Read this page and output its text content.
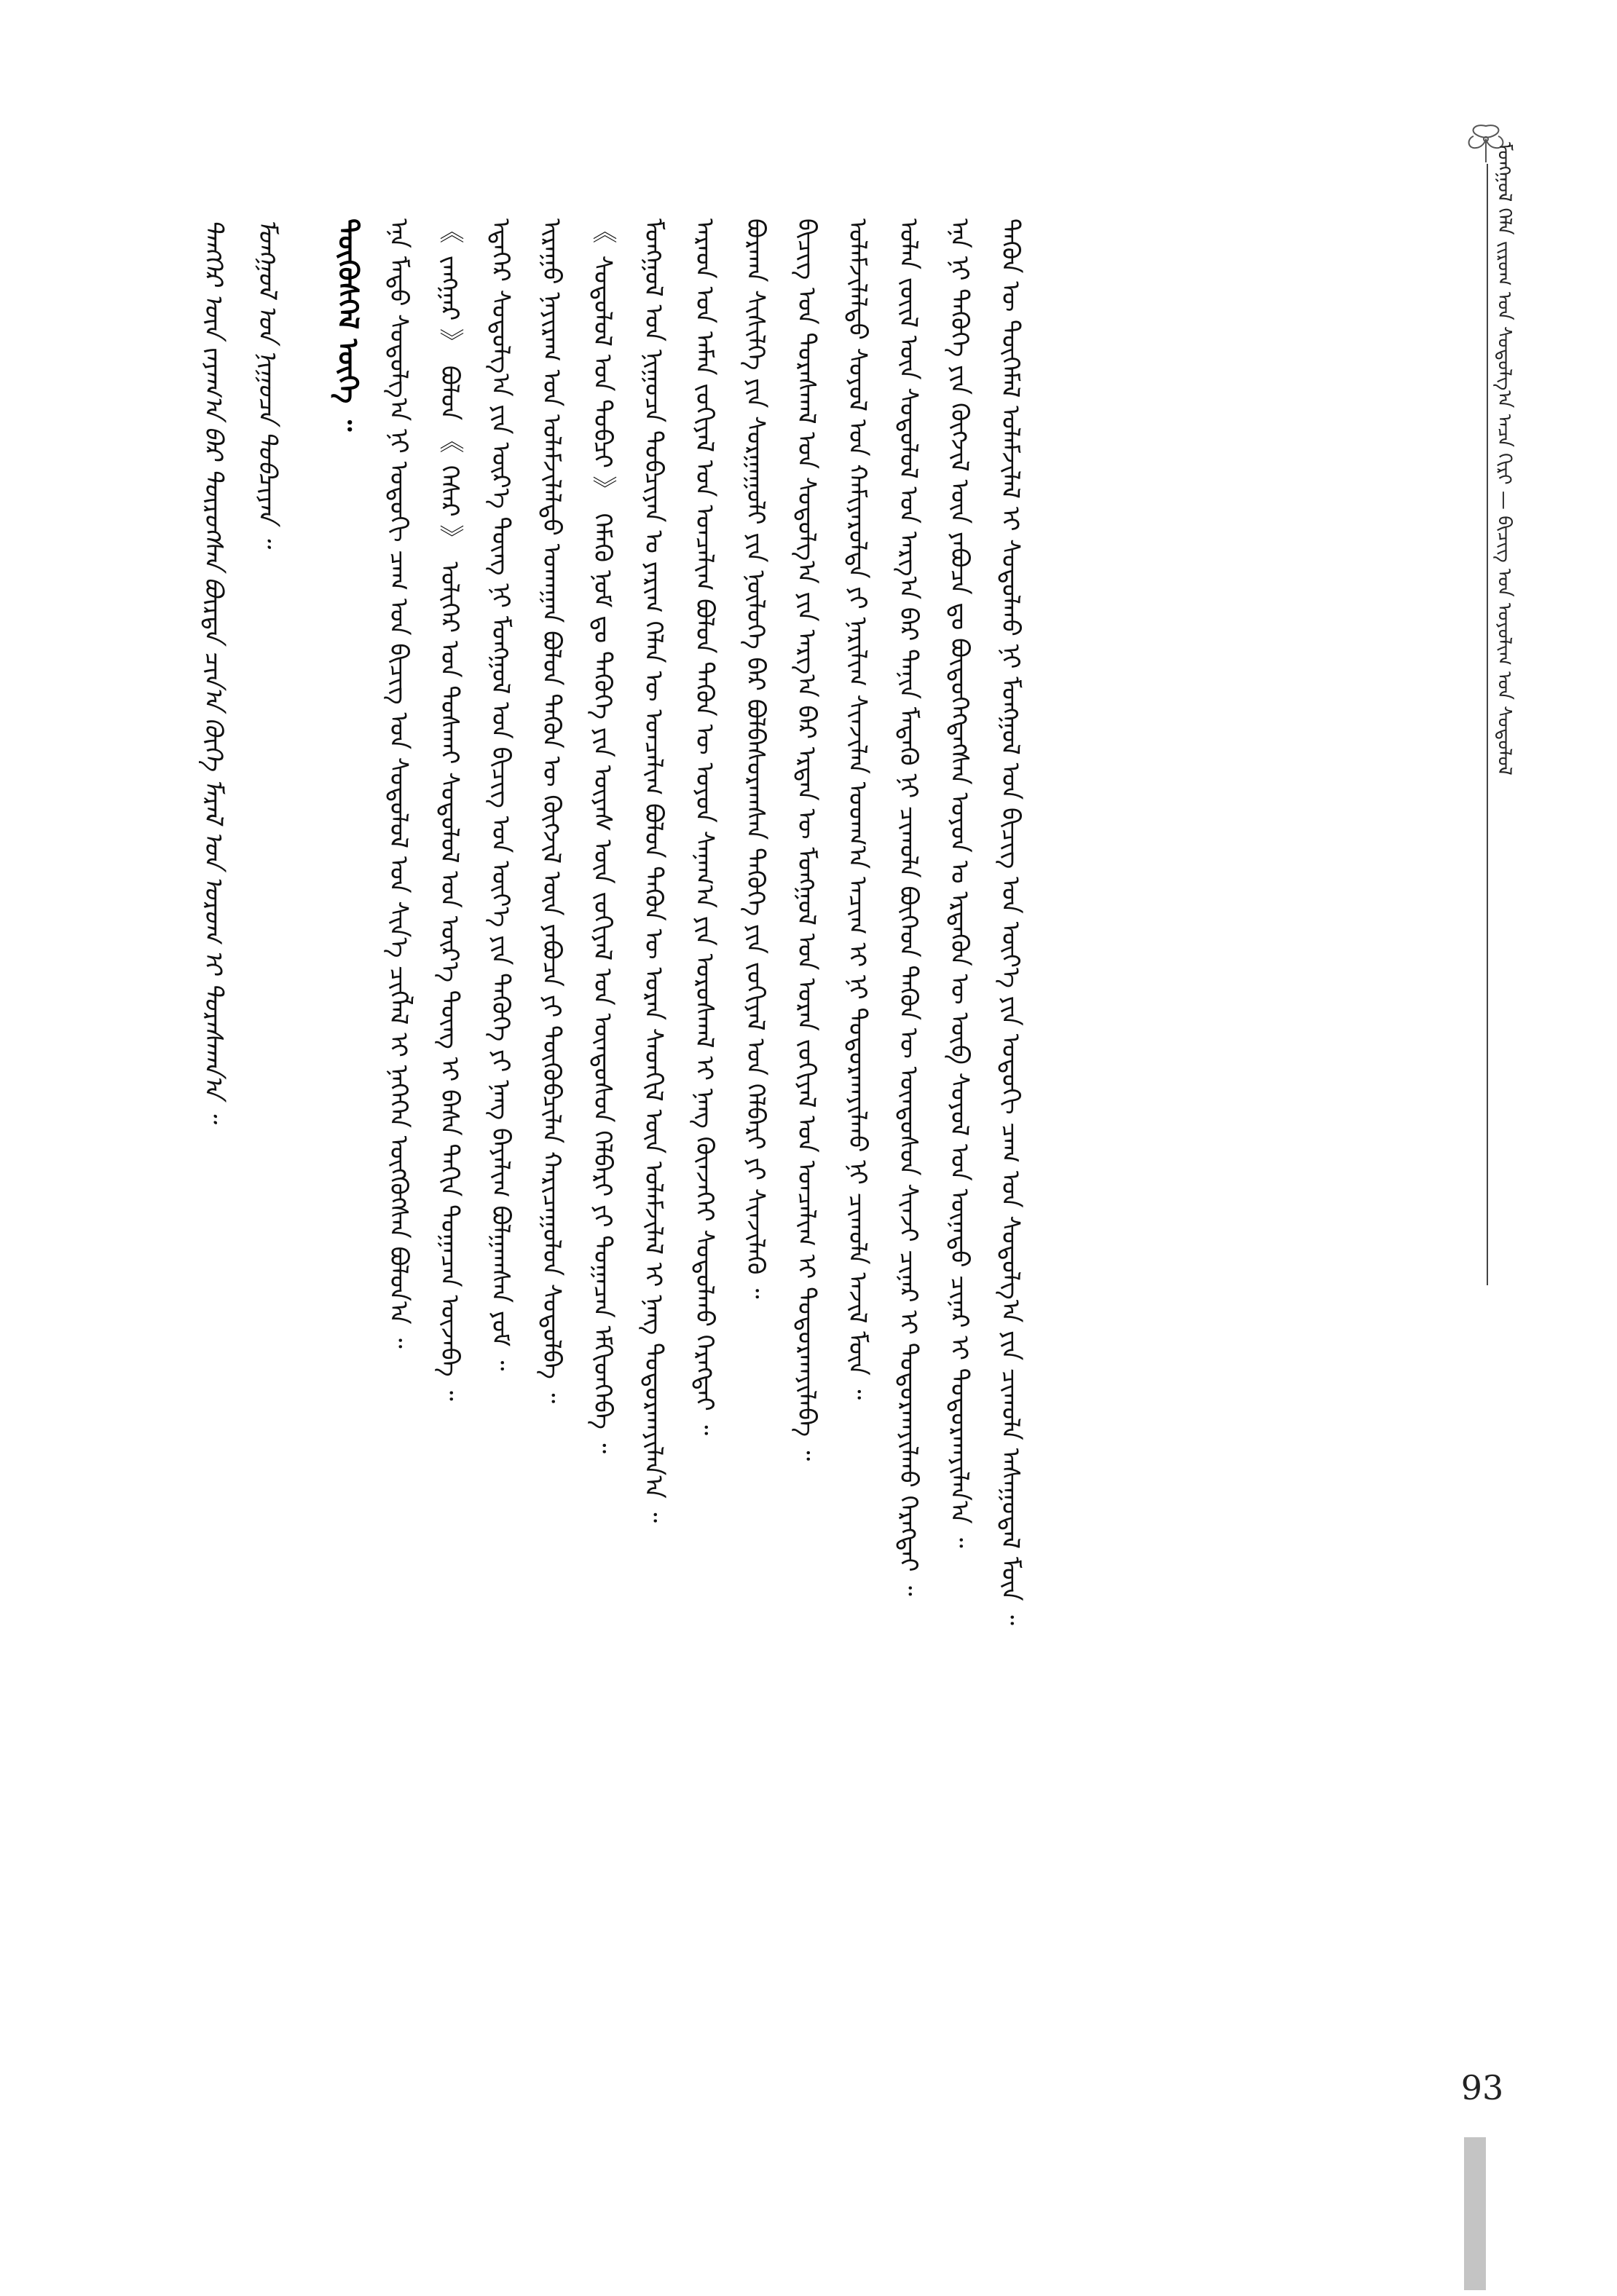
ᠮᠣᠩᠭᠣᠯ ᠬᠡᠯᠡ ᠵᠢᠷᠤᠭ ᠤᠨ ᠰᠤᠳᠤᠯᠭ᠎ᠠ ᠎ᠠᠴᠠ ᠬᠢᠷᠢ — ᠪᠢᠴᠢᠭ ᠤᠨ ᠤᠶᠤᠯᠢᠭ ᠤᠨ ᠰᠤᠳᠤᠯᠤᠯ
ᠲᠡᠩᠭᠡᠷ ᠦᠨ ᠵᠠᠶᠠᠭ᠎ᠠ ᠪᠠᠷ ᠲᠥᠷᠥᠭᠰᠡᠨ ᠪᠥᠷᠲᠡ ᠴᠢᠨ᠎ᠠ ᠬᠥᠬᠡ ᠮᠠᠷᠠᠯ ᠤᠨ ᠤᠷᠤᠭ ᠢ ᠳᠤᠷᠠᠰᠬᠠᠨ᠎ᠠ ᠃ ᠮᠣᠩᠭᠣᠯ ᠤᠨ ᠨᠢᠭᠤᠴᠠ ᠲᠣᠪᠴᠢᠶᠠᠨ ᠃ ᠳᠦᠭᠦᠰᠭᠡᠯ ᠦᠭᠡ ᠃ ᠡᠨᠡ ᠮᠡᠲᠦ ᠰᠤᠳᠤᠯᠭ᠎ᠠ ᠨᠢ ᠣᠳᠣᠬᠢ ᠴᠠᠭ ᠤᠨ ᠪᠢᠴᠢᠭ ᠤᠨ ᠰᠤᠳᠤᠯᠤᠯ ᠤᠨ ᠰᠢᠨ᠎ᠡ ᠴᠢᠭᠯᠡᠯ ᠢ ᠨᠡᠭᠡᠭᠡᠨ ᠥᠭᠭᠦᠭᠰᠡᠨ ᠪᠣᠯᠤᠨ᠎ᠠ ᠃ 《 ᠵᠠᠩᠭᠠᠷ 》 ᠪᠣᠯᠤᠨ 《 ᠭᠡᠰᠡᠷ 》 ᠤᠯᠢᠭᠡᠷ ᠤᠨ ᠲᠤᠰᠬᠠᠢ ᠰᠤᠳᠤᠯᠤᠯ ᠤᠨ ᠦᠷ᠎ᠡ ᠳᠦᠩ ᠢ ᠪᠠᠰᠠ ᠳᠠᠬᠢᠨ ᠲᠣᠭᠠᠴᠠᠨ ᠦᠵᠡᠪᠡ ᠃ ᠡᠳᠡᠭᠡᠷ ᠰᠤᠳᠤᠯᠭ᠎ᠠ ᠶᠢᠨ ᠦᠷ᠎ᠡ ᠳᠦᠩ ᠨᠢ ᠮᠣᠩᠭᠣᠯ ᠤᠨ ᠪᠢᠴᠢᠭ ᠤᠨ ᠦᠶ᠎ᠡ ᠶᠢᠨ ᠲᠡᠭᠦᠬᠡ ᠶᠢ ᠨᠡᠩ ᠪᠠᠶᠠᠯᠢᠭ ᠪᠣᠯᠭᠠᠭᠰᠠᠨ ᠶᠤᠮ ᠃ ᠢᠷᠠᠭᠤ ᠨᠠᠶᠢᠷᠠᠭ ᠤᠨ ᠤᠯᠠᠮᠵᠢᠯᠠᠯᠲᠤ ᠤᠬᠠᠭᠠᠨ ᠪᠣᠯᠤᠨ ᠲᠡᠭᠦᠨ ᠦ ᠬᠥᠭᠵᠢᠯ ᠦᠨ ᠶᠠᠪᠤᠴᠠ ᠶᠢ ᠲᠦᠭᠦᠪᠴᠢᠯᠡᠨ ᠬᠠᠷᠢᠴᠠᠭᠤᠯᠤᠨ ᠰᠤᠳᠤᠯᠪᠠ ᠃ 《 ᠰᠤᠳᠤᠯᠤᠯ ᠤᠨ ᠲᠣᠪᠴᠢ 》 ᠬᠡᠮᠡᠬᠦ ᠨᠣᠮ ᠳᠤ ᠲᠡᠭᠦᠬᠡ ᠶᠢᠨ ᠦᠶᠡᠰ ᠦᠨ ᠵᠣᠬᠢᠶᠠᠯ ᠤᠨ ᠦᠨᠳᠦᠰᠦᠨ ᠬᠡᠯᠪᠡᠷᠢ ᠶᠢ ᠲᠣᠭᠠᠴᠠᠨ ᠡᠮᠬᠢᠳᠬᠡᠪᠡ ᠃ ᠮᠣᠩᠭᠣᠯ ᠤᠨ ᠨᠢᠭᠤᠴᠠ ᠲᠣᠪᠴᠢᠶᠠᠨ ᠤ ᠶᠠᠷᠢᠭ ᠬᠡᠯᠡᠨ ᠦ ᠣᠨᠴᠠᠯᠢᠭ ᠪᠣᠯᠤᠨ ᠲᠡᠭᠦᠨ ᠦ ᠤᠷᠠᠨ ᠰᠡᠳᠬᠢᠯ ᠦᠨ ᠤᠯᠠᠮᠵᠢᠯᠠᠯ ᠢ ᠨᠡᠩ ᠲᠣᠳᠣᠷᠬᠠᠶᠢᠯᠠᠨ᠎ᠠ ᠃ ᠠᠷᠠᠳ ᠤᠨ ᠠᠮᠠᠨ ᠵᠣᠬᠢᠶᠠᠯ ᠤᠨ ᠣᠨᠴᠠᠯᠢᠭ ᠪᠣᠯᠤᠨ ᠲᠡᠭᠦᠨ ᠦ ᠣᠶᠤᠨ ᠰᠠᠨᠠᠭ᠎ᠠ ᠶᠢᠨ ᠤᠷᠤᠰᠬᠠᠯ ᠢ ᠨᠡᠩ ᠭᠦᠨᠵᠡᠭᠡᠢ ᠰᠤᠳᠤᠯᠬᠤ ᠬᠡᠷᠡᠭᠲᠡᠢ ᠃ ᠪᠤᠷᠬᠠᠨ ᠰᠢᠰᠢᠯᠭᠡ ᠶᠢᠨ ᠰᠤᠷᠭᠠᠭᠤᠯᠢ ᠶᠢᠨ ᠨᠥᠯᠦᠭᠡ ᠪᠡᠷ ᠪᠣᠯᠪᠠᠰᠤᠷᠠᠭᠰᠠᠨ ᠲᠡᠭᠦᠬᠡ ᠶᠢᠨ ᠵᠣᠬᠢᠶᠠᠯ ᠤᠨ ᠬᠡᠯᠪᠡᠷᠢ ᠶᠢ ᠰᠢᠨᠵᠢᠯᠡᠬᠦ ᠃ ᠪᠢᠴᠢᠭ ᠤᠨ ᠳᠤᠷᠠᠰᠬᠠᠯ ᠤᠨ ᠰᠤᠳᠤᠯᠭ᠎ᠠ ᠶᠢᠨ ᠠᠷᠭ᠎ᠠ ᠪᠠᠷ ᠡᠷᠲᠡᠨ ᠦ ᠮᠣᠩᠭᠣᠯ ᠤᠨ ᠤᠷᠠᠨ ᠵᠣᠬᠢᠶᠠᠯ ᠤᠨ ᠣᠨᠴᠠᠯᠢᠭ ᠢ ᠲᠣᠳᠣᠷᠬᠠᠶᠢᠯᠠᠪᠠ ᠃ ᠤᠯᠠᠮᠵᠢᠯᠠᠯᠲᠤ ᠰᠣᠶᠤᠯ ᠤᠨ ᠬᠠᠮᠢᠶᠠᠷᠤᠯᠲᠠ ᠶᠢ ᠨᠠᠷᠢᠯᠢᠭ ᠰᠢᠨᠵᠢᠯᠡᠨ ᠤᠳᠬ᠎ᠠ ᠠᠴᠢᠭ ᠢ ᠨᠢ ᠲᠣᠳᠣᠷᠬᠠᠶᠢᠯᠬᠤ ᠨᠢ ᠴᠢᠬᠤᠯᠠ ᠠᠵᠢᠯ ᠮᠥᠨ ᠃ ᠣᠯᠠᠨ ᠵᠦᠢᠯ ᠦᠨ ᠰᠤᠳᠤᠯᠤᠯ ᠤᠨ ᠠᠷᠭ᠎ᠠ ᠪᠠᠷ ᠲᠠᠨᠢᠨ ᠮᠡᠳᠡᠬᠦ ᠨᠢ ᠴᠢᠬᠤᠯᠠ ᠪᠥᠭᠡᠳ ᠲᠡᠭᠦᠨ ᠦ ᠦᠨᠳᠦᠰᠦᠨ ᠰᠢᠨᠵᠢ ᠴᠢᠨᠠᠷ ᠢ ᠲᠣᠳᠣᠷᠬᠠᠶᠢᠯᠬᠤ ᠬᠡᠷᠡᠭᠲᠡᠢ ᠃ ᠡᠨᠡ ᠨᠢ ᠲᠡᠭᠦᠬᠡ ᠶᠢᠨ ᠬᠥᠭᠵᠢᠯ ᠦᠨ ᠶᠠᠪᠤᠴᠠ ᠳᠤ ᠪᠦᠲᠦᠭᠡᠭᠳᠡᠭᠰᠡᠨ ᠣᠶᠤᠨ ᠤ ᠡᠷᠲᠡᠭᠦᠨ ᠦ ᠥᠪ ᠰᠣᠶᠤᠯ ᠤᠨ ᠦᠨᠡᠲᠦ ᠴᠢᠨᠠᠷ ᠢ ᠲᠣᠳᠣᠷᠬᠠᠶᠢᠯᠠᠨ᠎ᠠ ᠃ ᠲᠡᠭᠦᠨ ᠦ ᠲᠦᠭᠡᠮᠡᠯ ᠤᠯᠠᠮᠵᠢᠯᠠᠯ ᠢ ᠰᠤᠳᠤᠯᠬᠤ ᠨᠢ ᠮᠣᠩᠭᠣᠯ ᠤᠨ ᠪᠢᠴᠢᠭ ᠤᠨ ᠦᠶ᠎ᠡ ᠶᠢᠨ ᠣᠳᠣᠬᠢ ᠴᠠᠭ ᠤᠨ ᠰᠤᠳᠤᠯᠭ᠎ᠠ ᠶᠢᠨ ᠴᠢᠬᠤᠯᠠ ᠠᠰᠠᠭᠤᠳᠠᠯ ᠮᠥᠨ ᠃
93
